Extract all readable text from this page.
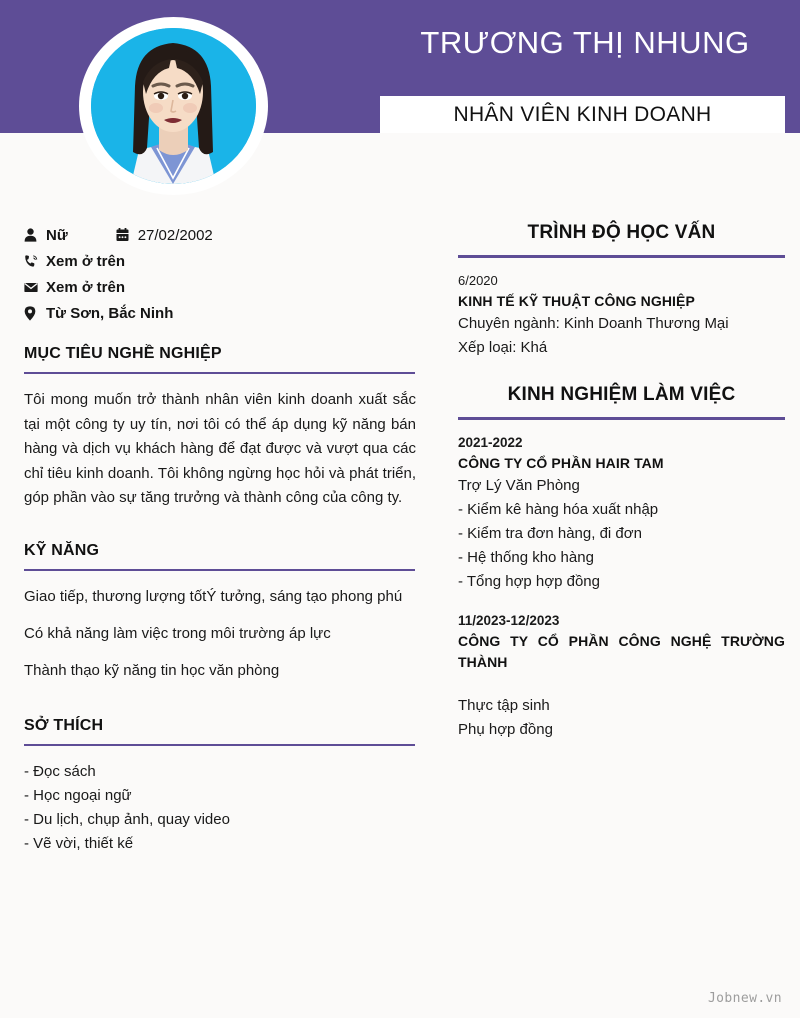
TRƯƠNG THỊ NHUNG
NHÂN VIÊN KINH DOANH
Nữ	27/02/2002
Xem ở trên
Xem ở trên
Từ Sơn, Bắc Ninh
MỤC TIÊU NGHỀ NGHIỆP

Tôi mong muốn trở thành nhân viên kinh doanh xuất sắc tại một công ty uy tín, nơi tôi có thể áp dụng kỹ năng bán hàng và dịch vụ khách hàng để đạt được và vượt qua các chỉ tiêu kinh doanh. Tôi không ngừng học hỏi và phát triển, góp phần vào sự tăng trưởng và thành công của công ty.

KỸ NĂNG

Giao tiếp, thương lượng tốtÝ tưởng, sáng tạo phong phú

Có khả năng làm việc trong môi trường áp lực

Thành thạo kỹ năng tin học văn phòng

SỞ THÍCH

- Đọc sách

- Học ngoại ngữ

- Du lịch, chụp ảnh, quay video

- Vẽ vời, thiết kế

TRÌNH ĐỘ HỌC VẤN

6/2020

KINH TẾ KỸ THUẬT CÔNG NGHIỆP

Chuyên ngành: Kinh Doanh Thương Mại

Xếp loại: Khá

KINH NGHIỆM LÀM VIỆC

2021-2022

CÔNG TY CỔ PHẦN HAIR TAM

Trợ Lý Văn Phòng

- Kiểm kê hàng hóa xuất nhập

- Kiểm tra đơn hàng, đi đơn

- Hệ thống kho hàng

- Tổng hợp hợp đồng

11/2023-12/2023

CÔNG TY CỔ PHẦN CÔNG NGHỆ TRƯỜNG THÀNH

Thực tập sinh

Phụ hợp đồng

Jobnew.vn
